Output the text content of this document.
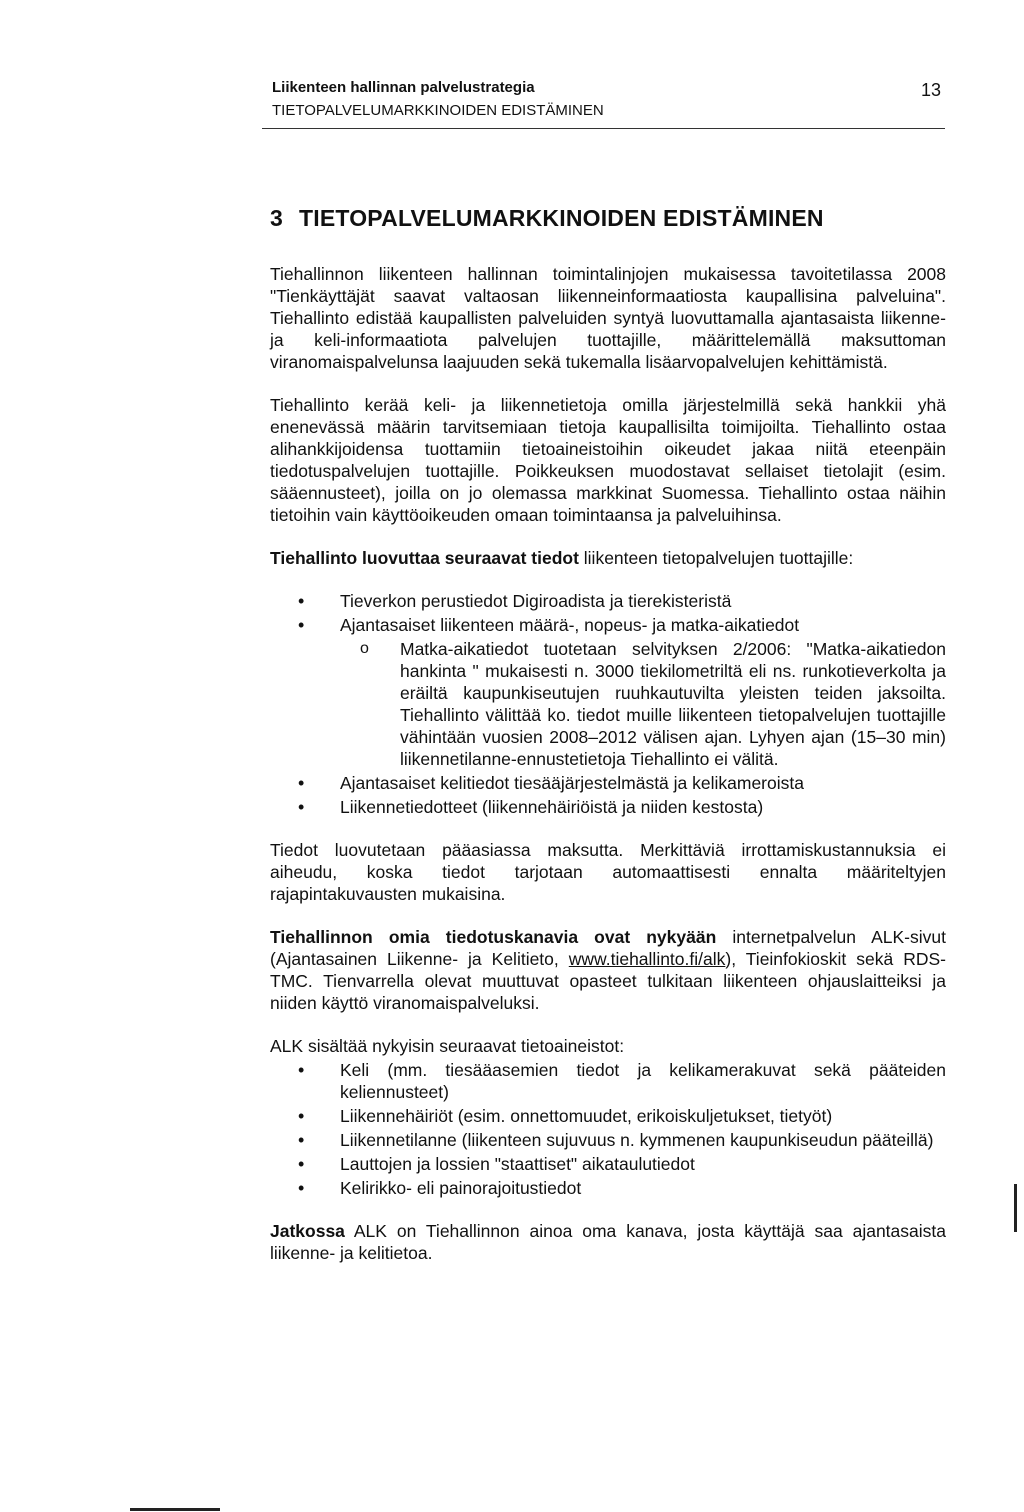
Liikenteen hallinnan palvelustrategia
TIETOPALVELUMARKKINOIDEN EDISTÄMINEN
13
3 TIETOPALVELUMARKKINOIDEN EDISTÄMINEN

Tiehallinnon liikenteen hallinnan toimintalinjojen mukaisessa tavoitetilassa 2008 "Tienkäyttäjät saavat valtaosan liikenneinformaatiosta kaupallisina palveluina". Tiehallinto edistää kaupallisten palveluiden syntyä luovuttamalla ajantasaista liikenne- ja keli-informaatiota palvelujen tuottajille, määrittelemällä maksuttoman viranomaispalvelunsa laajuuden sekä tukemalla lisäarvopalvelujen kehittämistä.

Tiehallinto kerää keli- ja liikennetietoja omilla järjestelmillä sekä hankkii yhä enenevässä määrin tarvitsemiaan tietoja kaupallisilta toimijoilta. Tiehallinto ostaa alihankkijoidensa tuottamiin tietoaineistoihin oikeudet jakaa niitä eteenpäin tiedotuspalvelujen tuottajille. Poikkeuksen muodostavat sellaiset tietolajit (esim. sääennusteet), joilla on jo olemassa markkinat Suomessa. Tiehallinto ostaa näihin tietoihin vain käyttöoikeuden omaan toimintaansa ja palveluihinsa.

Tiehallinto luovuttaa seuraavat tiedot liikenteen tietopalvelujen tuottajille:

• Tieverkon perustiedot Digiroadista ja tierekisteristä
• Ajantasaiset liikenteen määrä-, nopeus- ja matka-aikatiedot
o Matka-aikatiedot tuotetaan selvityksen 2/2006: "Matka-aikatiedon hankinta " mukaisesti n. 3000 tiekilometriltä eli ns. runkotieverkolta ja eräiltä kaupunkiseutujen ruuhkautuvilta yleisten teiden jaksoilta. Tiehallinto välittää ko. tiedot muille liikenteen tietopalvelujen tuottajille vähintään vuosien 2008–2012 välisen ajan. Lyhyen ajan (15–30 min) liikennetilanne-ennustetietoja Tiehallinto ei välitä.
• Ajantasaiset kelitiedot tiesääjärjestelmästä ja kelikameroista
• Liikennetiedotteet (liikennehäiriöistä ja niiden kestosta)

Tiedot luovutetaan pääasiassa maksutta. Merkittäviä irrottamiskustannuksia ei aiheudu, koska tiedot tarjotaan automaattisesti ennalta määriteltyjen rajapintakuvausten mukaisina.

Tiehallinnon omia tiedotuskanavia ovat nykyään internetpalvelun ALK-sivut (Ajantasainen Liikenne- ja Kelitieto, www.tiehallinto.fi/alk), Tieinfokioskit sekä RDS-TMC. Tienvarrella olevat muuttuvat opasteet tulkitaan liikenteen ohjauslaitteiksi ja niiden käyttö viranomaispalveluksi.

ALK sisältää nykyisin seuraavat tietoaineistot:

• Keli (mm. tiesääasemien tiedot ja kelikamerakuvat sekä pääteiden keliennusteet)
• Liikennehäiriöt (esim. onnettomuudet, erikoiskuljetukset, tietyöt)
• Liikennetilanne (liikenteen sujuvuus n. kymmenen kaupunkiseudun pääteillä)
• Lauttojen ja lossien "staattiset" aikataulutiedot
• Kelirikko- eli painorajoitustiedot

Jatkossa ALK on Tiehallinnon ainoa oma kanava, josta käyttäjä saa ajantasaista liikenne- ja kelitietoa.
